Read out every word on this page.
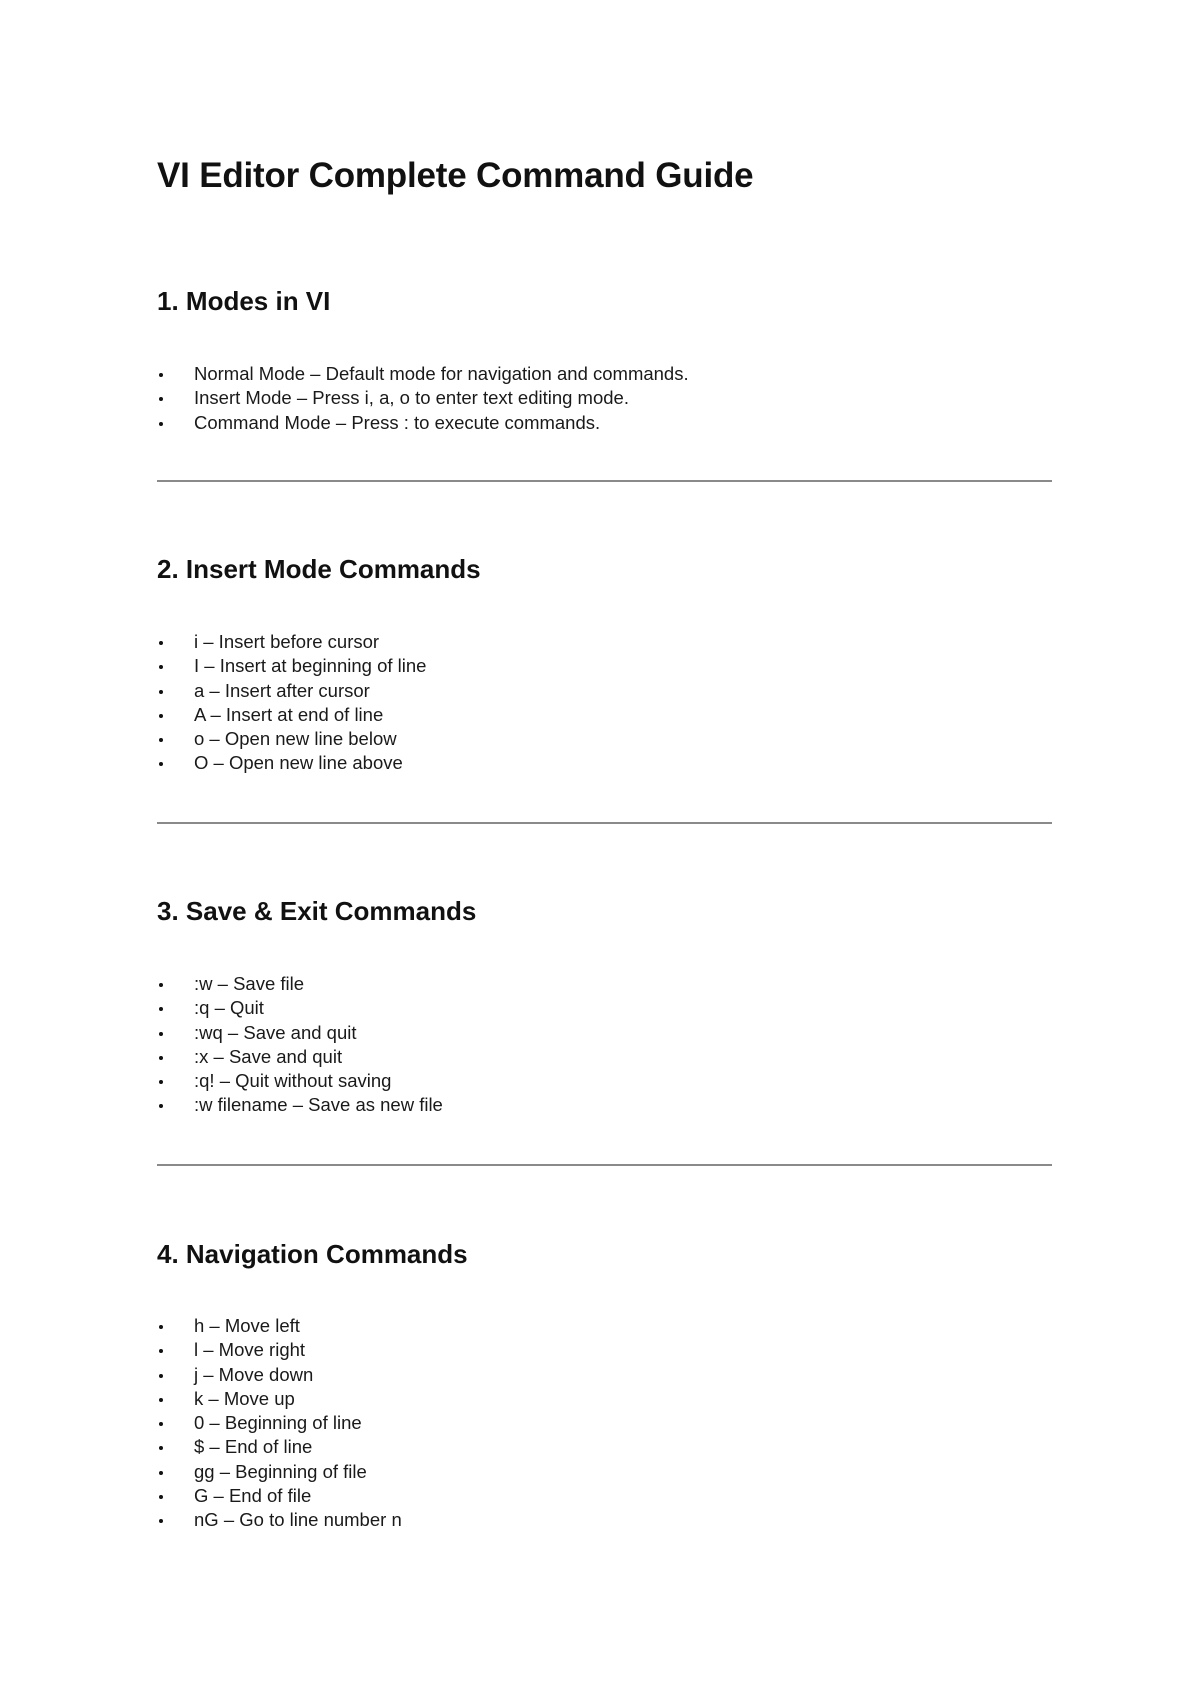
VI Editor Complete Command Guide
1. Modes in VI
Normal Mode – Default mode for navigation and commands.
Insert Mode – Press i, a, o to enter text editing mode.
Command Mode – Press : to execute commands.
2. Insert Mode Commands
i – Insert before cursor
I – Insert at beginning of line
a – Insert after cursor
A – Insert at end of line
o – Open new line below
O – Open new line above
3. Save & Exit Commands
:w – Save file
:q – Quit
:wq – Save and quit
:x – Save and quit
:q! – Quit without saving
:w filename – Save as new file
4. Navigation Commands
h – Move left
l – Move right
j – Move down
k – Move up
0 – Beginning of line
$ – End of line
gg – Beginning of file
G – End of file
nG – Go to line number n
